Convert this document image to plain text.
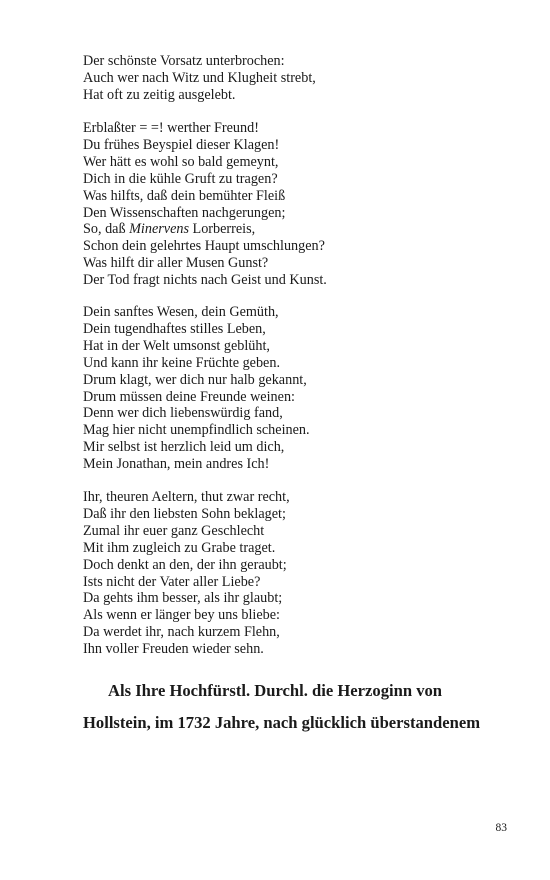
Der schönste Vorsatz unterbrochen:
Auch wer nach Witz und Klugheit strebt,
Hat oft zu zeitig ausgelebt.
Erblaßter = =! werther Freund!
Du frühes Beyspiel dieser Klagen!
Wer hätt es wohl so bald gemeynt,
Dich in die kühle Gruft zu tragen?
Was hilfts, daß dein bemühter Fleiß
Den Wissenschaften nachgerungen;
So, daß Minervens Lorberreis,
Schon dein gelehrtes Haupt umschlungen?
Was hilft dir aller Musen Gunst?
Der Tod fragt nichts nach Geist und Kunst.
Dein sanftes Wesen, dein Gemüth,
Dein tugendhaftes stilles Leben,
Hat in der Welt umsonst geblüht,
Und kann ihr keine Früchte geben.
Drum klagt, wer dich nur halb gekannt,
Drum müssen deine Freunde weinen:
Denn wer dich liebenswürdig fand,
Mag hier nicht unempfindlich scheinen.
Mir selbst ist herzlich leid um dich,
Mein Jonathan, mein andres Ich!
Ihr, theuren Aeltern, thut zwar recht,
Daß ihr den liebsten Sohn beklaget;
Zumal ihr euer ganz Geschlecht
Mit ihm zugleich zu Grabe traget.
Doch denkt an den, der ihn geraubt;
Ists nicht der Vater aller Liebe?
Da gehts ihm besser, als ihr glaubt;
Als wenn er länger bey uns bliebe:
Da werdet ihr, nach kurzem Flehn,
Ihn voller Freuden wieder sehn.
Als Ihre Hochfürstl. Durchl. die Herzoginn von
Hollstein, im 1732 Jahre, nach glücklich überstandenem
83
